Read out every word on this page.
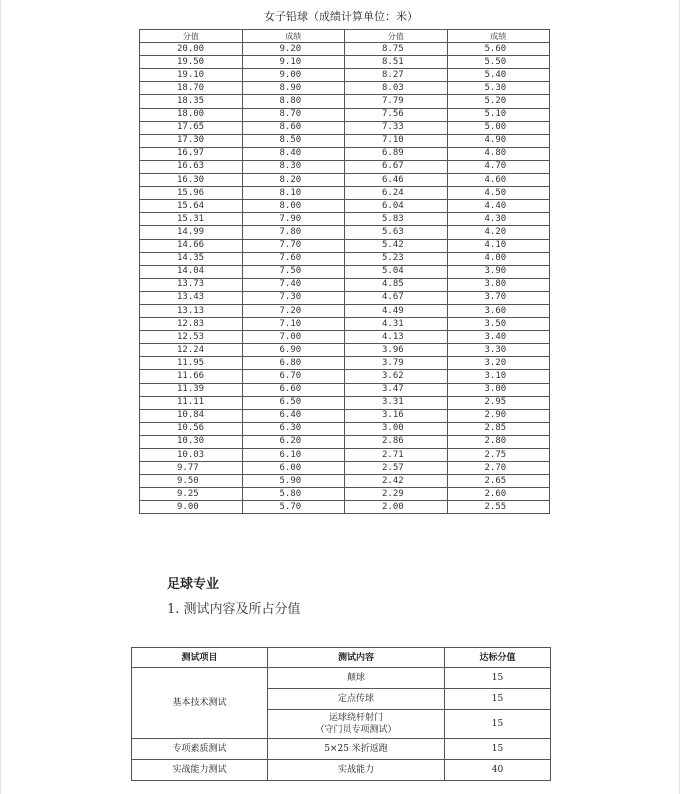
女子铅球（成绩计算单位：米）
分值	成绩	分值	成绩
20.00	9.20	8.75	5.60
19.50	9.10	8.51	5.50
19.10	9.00	8.27	5.40
18.70	8.90	8.03	5.30
18.35	8.80	7.79	5.20
18.00	8.70	7.56	5.10
17.65	8.60	7.33	5.00
17.30	8.50	7.10	4.90
16.97	8.40	6.89	4.80
16.63	8.30	6.67	4.70
16.30	8.20	6.46	4.60
15.96	8.10	6.24	4.50
15.64	8.00	6.04	4.40
15.31	7.90	5.83	4.30
14.99	7.80	5.63	4.20
14.66	7.70	5.42	4.10
14.35	7.60	5.23	4.00
14.04	7.50	5.04	3.90
13.73	7.40	4.85	3.80
13.43	7.30	4.67	3.70
13.13	7.20	4.49	3.60
12.83	7.10	4.31	3.50
12.53	7.00	4.13	3.40
12.24	6.90	3.96	3.30
11.95	6.80	3.79	3.20
11.66	6.70	3.62	3.10
11.39	6.60	3.47	3.00
11.11	6.50	3.31	2.95
10.84	6.40	3.16	2.90
10.56	6.30	3.00	2.85
10.30	6.20	2.86	2.80
10.03	6.10	2.71	2.75
9.77	6.00	2.57	2.70
9.50	5.90	2.42	2.65
9.25	5.80	2.29	2.60
9.00	5.70	2.00	2.55
足球专业
1. 测试内容及所占分值
测试项目	测试内容	达标分值
基本技术测试	颠球	15
	定点传球	15

	运球绕杆射门
（守门员专项测试）	15
专项素质测试	5×25 米折返跑	15
实战能力测试	实战能力	40
